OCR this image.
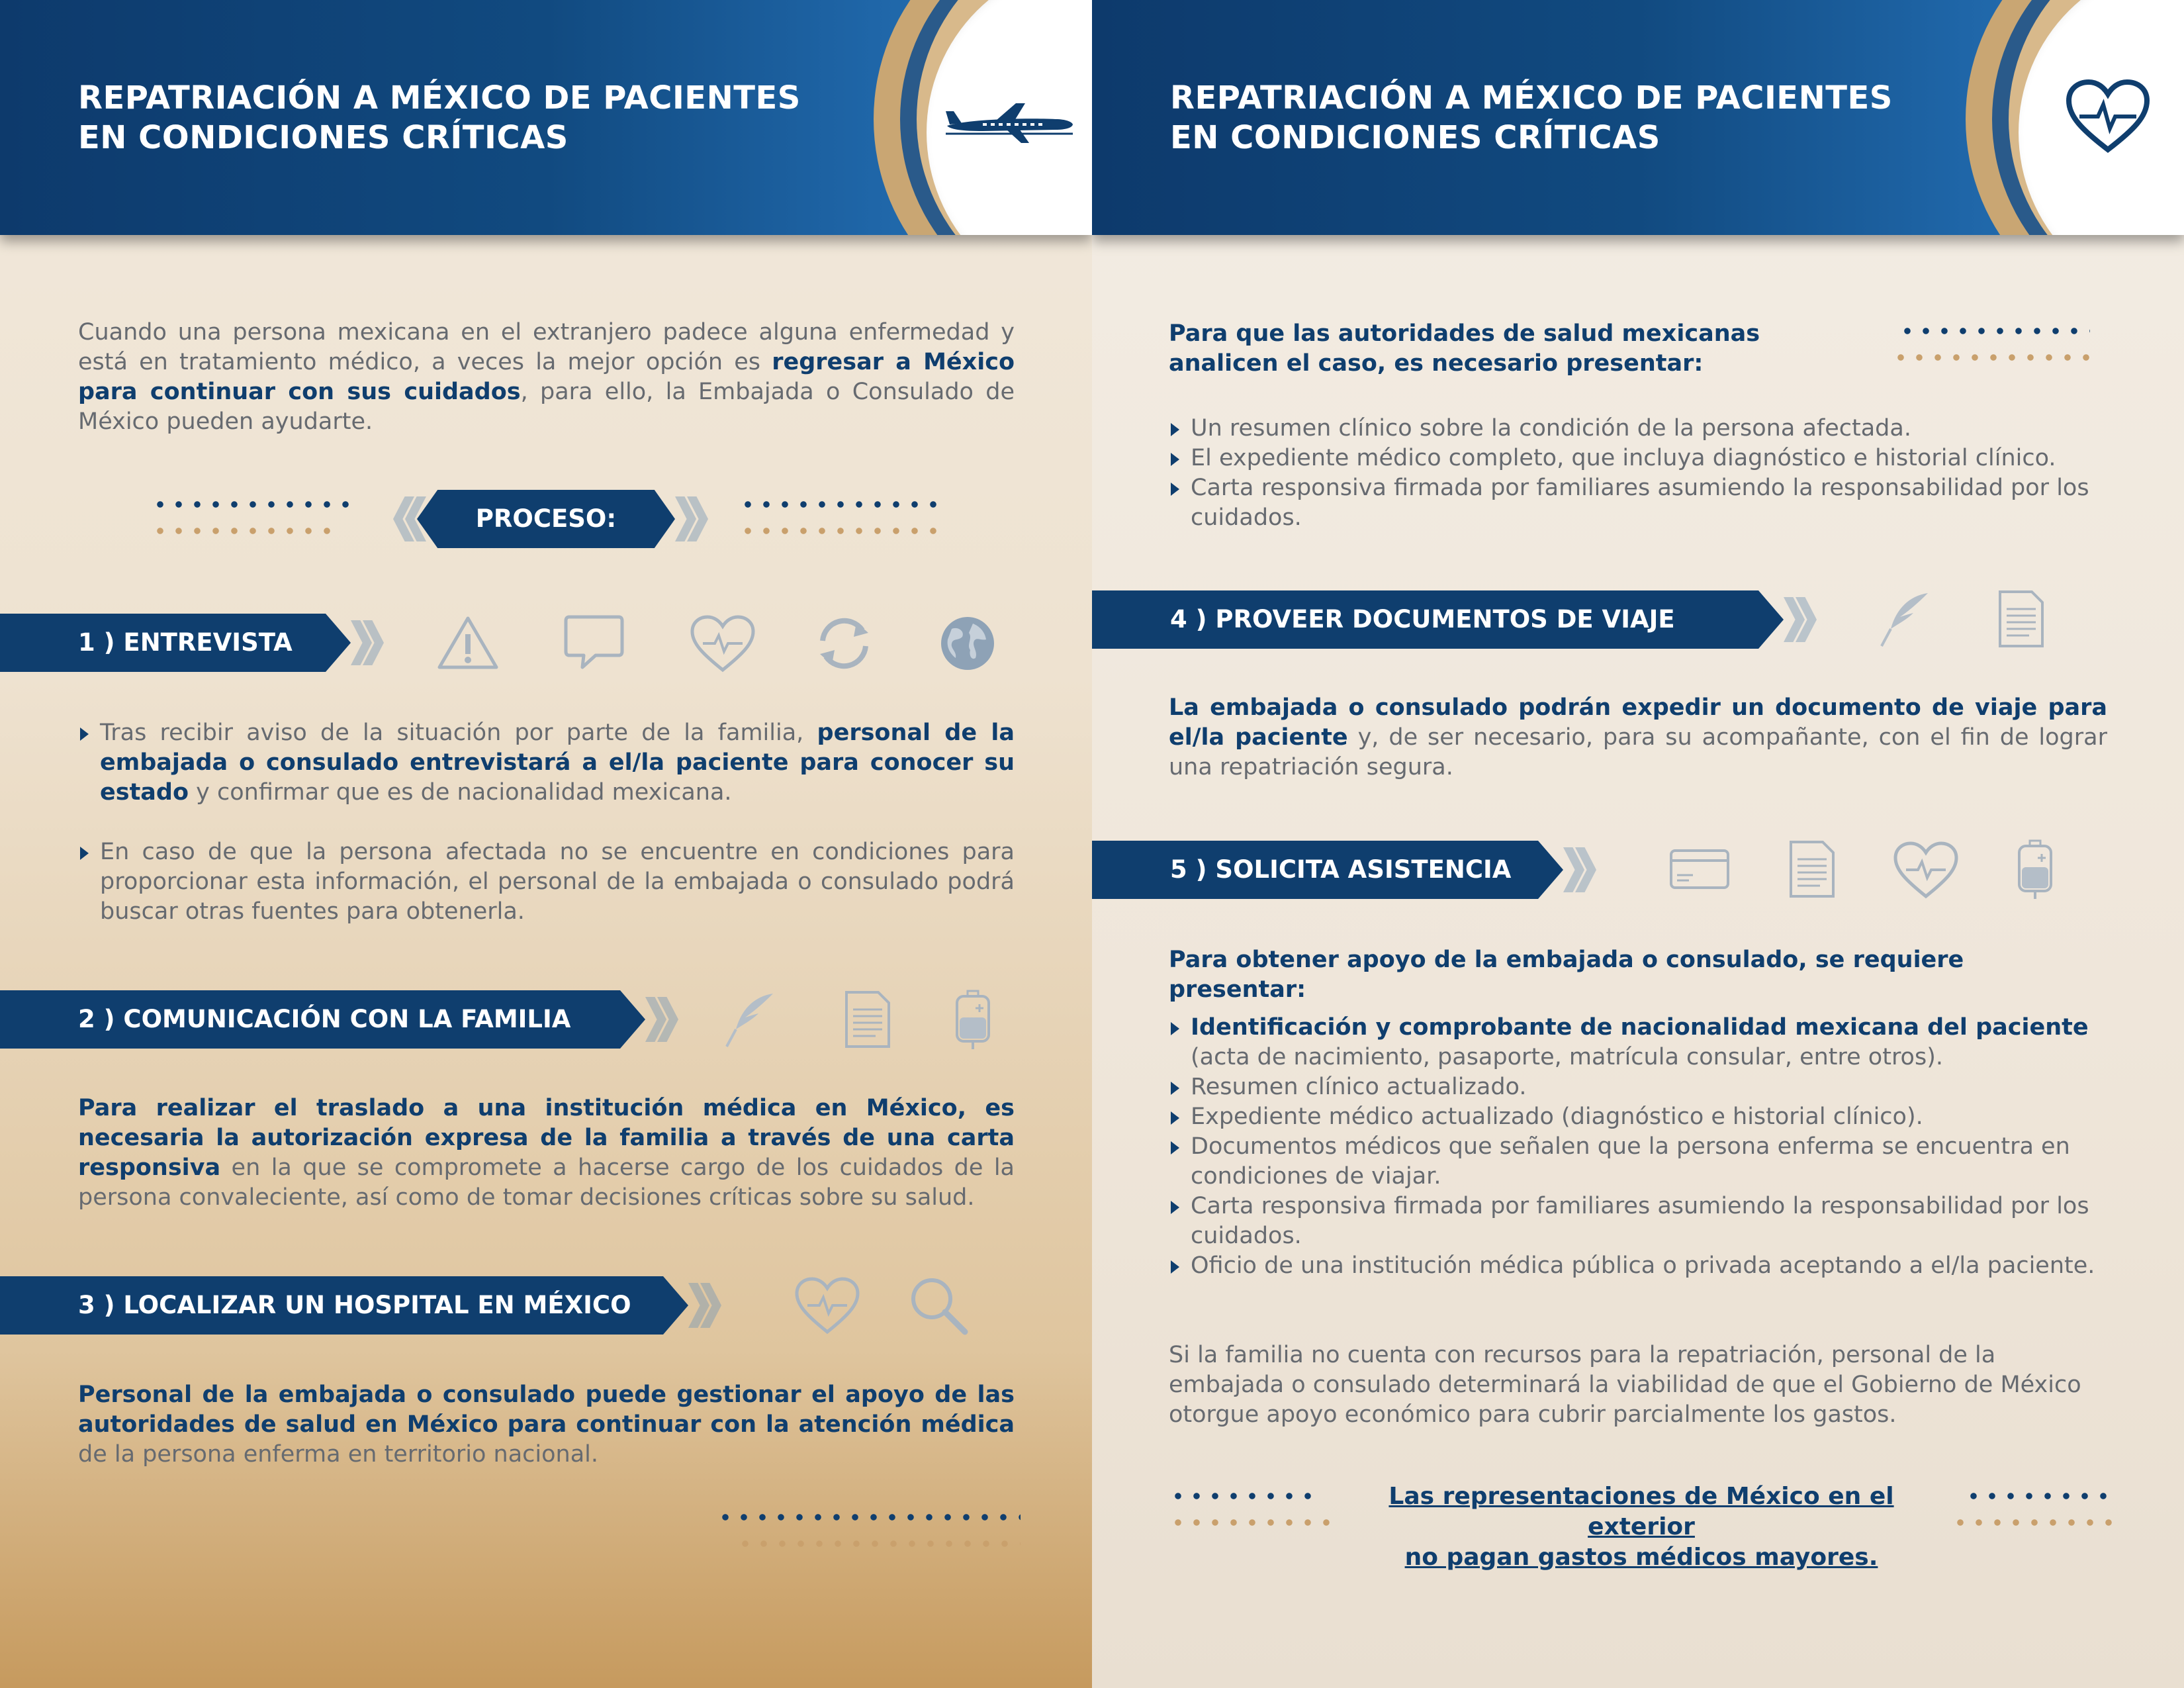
REPATRIACIÓN A MÉXICO DE PACIENTES
EN CONDICIONES CRÍTICAS
Cuando una persona mexicana en el extranjero padece alguna enfermedad y está en tratamiento médico, a veces la mejor opción es regresar a México para continuar con sus cuidados, para ello, la Embajada o Consulado de México pueden ayudarte.
PROCESO:
1 ) ENTREVISTA
Tras recibir aviso de la situación por parte de la familia, personal de la embajada o consulado entrevistará a el/la paciente para conocer su estado y confirmar que es de nacionalidad mexicana.
En caso de que la persona afectada no se encuentre en condiciones para proporcionar esta información, el personal de la embajada o consulado podrá buscar otras fuentes para obtenerla.
2 ) COMUNICACIÓN CON LA FAMILIA
Para realizar el traslado a una institución médica en México, es necesaria la autorización expresa de la familia a través de una carta responsiva en la que se compromete a hacerse cargo de los cuidados de la persona convaleciente, así como de tomar decisiones críticas sobre su salud.
3 ) LOCALIZAR UN HOSPITAL EN MÉXICO
Personal de la embajada o consulado puede gestionar el apoyo de las autoridades de salud en México para continuar con la atención médica de la persona enferma en territorio nacional.
REPATRIACIÓN A MÉXICO DE PACIENTES
EN CONDICIONES CRÍTICAS
Para que las autoridades de salud mexicanas analicen el caso, es necesario presentar:
Un resumen clínico sobre la condición de la persona afectada.
El expediente médico completo, que incluya diagnóstico e historial clínico.
Carta responsiva firmada por familiares asumiendo la responsabilidad por los cuidados.
4 ) PROVEER DOCUMENTOS DE VIAJE
La embajada o consulado podrán expedir un documento de viaje para el/la paciente y, de ser necesario, para su acompañante, con el fin de lograr una repatriación segura.
5 ) SOLICITA ASISTENCIA
Para obtener apoyo de la embajada o consulado, se requiere presentar:
Identificación y comprobante de nacionalidad mexicana del paciente (acta de nacimiento, pasaporte, matrícula consular, entre otros).
Resumen clínico actualizado.
Expediente médico actualizado (diagnóstico e historial clínico).
Documentos médicos que señalen que la persona enferma se encuentra en condiciones de viajar.
Carta responsiva firmada por familiares asumiendo la responsabilidad por los cuidados.
Oficio de una institución médica pública o privada aceptando a el/la paciente.
Si la familia no cuenta con recursos para la repatriación, personal de la embajada o consulado determinará la viabilidad de que el Gobierno de México otorgue apoyo económico para cubrir parcialmente los gastos.
Las representaciones de México en el exterior
no pagan gastos médicos mayores.
